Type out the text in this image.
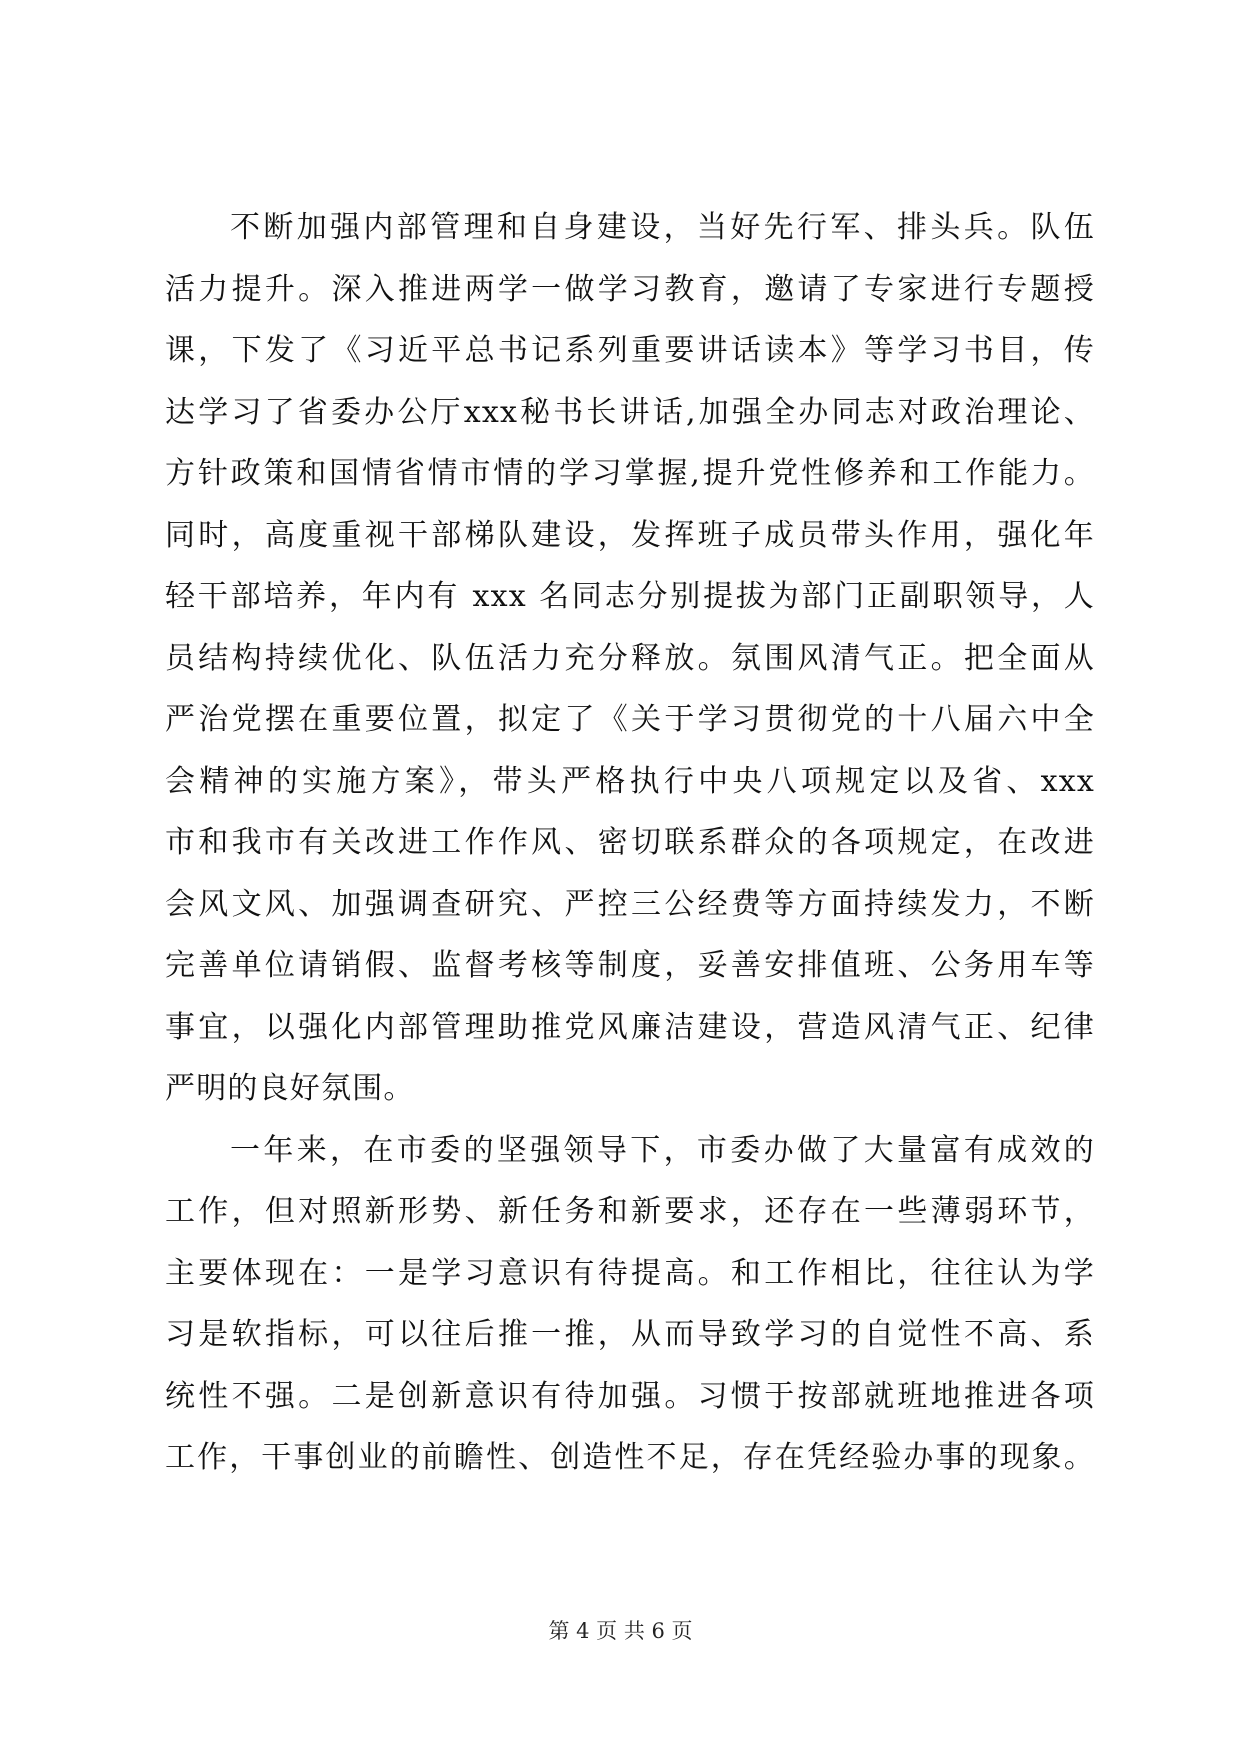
不断加强内部管理和自身建设，当好先行军、排头兵。队伍
活力提升。深入推进两学一做学习教育，邀请了专家进行专题授
课，下发了《习近平总书记系列重要讲话读本》等学习书目，传
达学习了省委办公厅xxx秘书长讲话,加强全办同志对政治理论、
方针政策和国情省情市情的学习掌握,提升党性修养和工作能力。
同时，高度重视干部梯队建设，发挥班子成员带头作用，强化年
轻干部培养，年内有 xxx 名同志分别提拔为部门正副职领导，人
员结构持续优化、队伍活力充分释放。氛围风清气正。把全面从
严治党摆在重要位置，拟定了《关于学习贯彻党的十八届六中全
会精神的实施方案》，带头严格执行中央八项规定以及省、xxx
市和我市有关改进工作作风、密切联系群众的各项规定，在改进
会风文风、加强调查研究、严控三公经费等方面持续发力，不断
完善单位请销假、监督考核等制度，妥善安排值班、公务用车等
事宜，以强化内部管理助推党风廉洁建设，营造风清气正、纪律
严明的良好氛围。
一年来，在市委的坚强领导下，市委办做了大量富有成效的
工作，但对照新形势、新任务和新要求，还存在一些薄弱环节，
主要体现在：一是学习意识有待提高。和工作相比，往往认为学
习是软指标，可以往后推一推，从而导致学习的自觉性不高、系
统性不强。二是创新意识有待加强。习惯于按部就班地推进各项
工作，干事创业的前瞻性、创造性不足，存在凭经验办事的现象。
第 4 页 共 6 页
